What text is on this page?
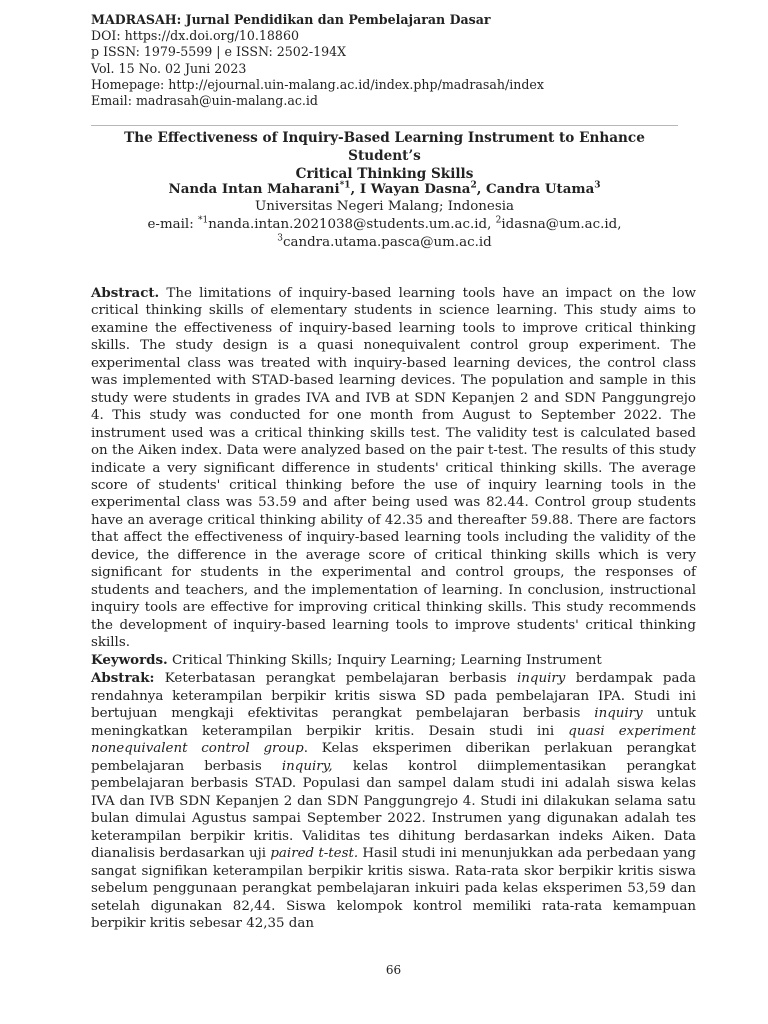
MADRASAH: Jurnal Pendidikan dan Pembelajaran Dasar
DOI: https://dx.doi.org/10.18860
p ISSN: 1979-5599 | e ISSN: 2502-194X
Vol. 15 No. 02 Juni 2023
Homepage: http://ejournal.uin-malang.ac.id/index.php/madrasah/index
Email: madrasah@uin-malang.ac.id
The Effectiveness of Inquiry-Based Learning Instrument to Enhance Student’s
Critical Thinking Skills
Nanda Intan Maharani$^{*1}$, I Wayan Dasna$^2$, Candra Utama$^3$
Universitas Negeri Malang; Indonesia
e-mail: $^{*1}$nanda.intan.2021038@students.um.ac.id, $^2$idasna@um.ac.id,
$^3$candra.utama.pasca@um.ac.id

Abstract. The limitations of inquiry-based learning tools have an impact on the low critical thinking skills of elementary students in science learning. This study aims to examine the effectiveness of inquiry-based learning tools to improve critical thinking skills. The study design is a quasi nonequivalent control group experiment. The experimental class was treated with inquiry-based learning devices, the control class was implemented with STAD-based learning devices. The population and sample in this study were students in grades IVA and IVB at SDN Kepanjen 2 and SDN Panggungrejo 4. This study was conducted for one month from August to September 2022. The instrument used was a critical thinking skills test. The validity test is calculated based on the Aiken index. Data were analyzed based on the pair t-test. The results of this study indicate a very significant difference in students' critical thinking skills. The average score of students' critical thinking before the use of inquiry learning tools in the experimental class was 53.59 and after being used was 82.44. Control group students have an average critical thinking ability of 42.35 and thereafter 59.88. There are factors that affect the effectiveness of inquiry-based learning tools including the validity of the device, the difference in the average score of critical thinking skills which is very significant for students in the experimental and control groups, the responses of students and teachers, and the implementation of learning. In conclusion, instructional inquiry tools are effective for improving critical thinking skills. This study recommends the development of inquiry-based learning tools to improve students' critical thinking skills.

Keywords. Critical Thinking Skills; Inquiry Learning; Learning Instrument

Abstrak: Keterbatasan perangkat pembelajaran berbasis inquiry berdampak pada rendahnya keterampilan berpikir kritis siswa SD pada pembelajaran IPA. Studi ini bertujuan mengkaji efektivitas perangkat pembelajaran berbasis inquiry untuk meningkatkan keterampilan berpikir kritis. Desain studi ini quasi experiment nonequivalent control group. Kelas eksperimen diberikan perlakuan perangkat pembelajaran berbasis inquiry, kelas kontrol diimplementasikan perangkat pembelajaran berbasis STAD. Populasi dan sampel dalam studi ini adalah siswa kelas IVA dan IVB SDN Kepanjen 2 dan SDN Panggungrejo 4. Studi ini dilakukan selama satu bulan dimulai Agustus sampai September 2022. Instrumen yang digunakan adalah tes keterampilan berpikir kritis. Validitas tes dihitung berdasarkan indeks Aiken. Data dianalisis berdasarkan uji paired t-test. Hasil studi ini menunjukkan ada perbedaan yang sangat signifikan keterampilan berpikir kritis siswa. Rata-rata skor berpikir kritis siswa sebelum penggunaan perangkat pembelajaran inkuiri pada kelas eksperimen 53,59 dan setelah digunakan 82,44. Siswa kelompok kontrol memiliki rata-rata kemampuan berpikir kritis sebesar 42,35 dan

66
